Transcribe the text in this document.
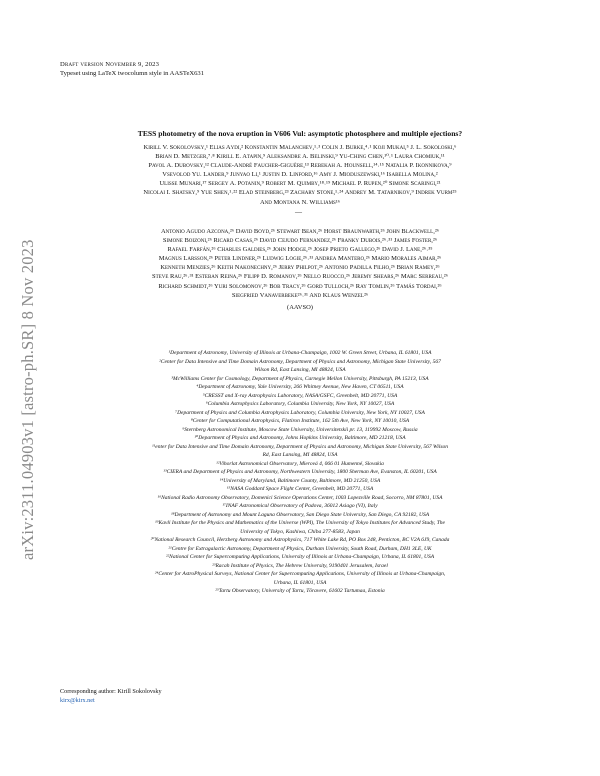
arXiv:2311.04903v1 [astro-ph.SR] 8 Nov 2023
Draft version November 9, 2023
Typeset using LaTeX twocolumn style in AASTeX631
TESS photometry of the nova eruption in V606 Vul: asymptotic photosphere and multiple ejections?
Kirill V. Sokolovsky,¹ Elias Aydi,² Konstantin Malanchev,¹˒³ Colin J. Burke,⁴˒¹ Koji Mukai,⁵ J. L. Sokoloski,⁶
Brian D. Metzger,⁷˒⁸ Kirill E. Atapin,⁹ Aleksandre A. Belinski,⁹ Yu-Ching Chen,¹⁰˒¹ Laura Chomiuk,¹¹
Pavol A. Dubovsky,¹² Claude-André Faucher-Giguère,¹³ Rebekah A. Hounsell,¹⁴˒¹⁵ Natalia P. Ikonnikova,⁹
Vsevolod Yu. Lander,⁹ Junyao Li,¹ Justin D. Linford,¹⁶ Amy J. Mioduszewski,¹⁶ Isabella Molina,²
Ulisse Munari,¹⁷ Sergey A. Potanin,⁹ Robert M. Quimby,¹⁸˒¹⁹ Michael P. Rupen,²⁰ Simone Scaringi,²¹
Nicolai I. Shatsky,⁹ Yue Shen,¹˒²² Elad Steinberg,²³ Zachary Stone,¹˒²⁴ Andrey M. Tatarnikov,⁹ Indrek Vurm²⁵
And Montana N. Williams¹⁶
—
Antonio Agudo Azcona,²⁶ David Boyd,²⁶ Stewart Bean,²⁶ Horst Braunwarth,²⁶ John Blackwell,²⁶
Simone Boizoni,²⁶ Ricard Casas,²⁶ David Cejudo Fernandez,²⁶ Franky Dubois,²⁶˒³¹ James Foster,²⁶
Rafael Farfán,²⁶ Charles Galdies,²⁶ John Hodge,²⁶ Josep Prieto Gallego,²⁶ David J. Lane,²⁶˒³⁵
Magnus Larsson,²⁶ Peter Lindner,²⁶ Ludwig Logie,²⁶˒³¹ Andrea Mantero,²⁶ Mario Morales Aimar,²⁶
Kenneth Menzies,²⁶ Keith Nakonechny,²⁶ Jerry Philpot,²⁶ Antonio Padilla Filho,²⁶ Brian Ramey,²⁶
Steve Rau,²⁶˒³¹ Esteban Reina,²⁶ Filipp D. Romanov,²⁶ Nello Ruocco,²⁶ Jeremy Shears,²⁶ Marc Serreau,²⁶
Richard Schmidt,²⁶ Yuri Solomonov,²⁶ Bob Tracy,²⁶ Gord Tulloch,²⁶ Ray Tomlin,²⁶ Tamás Tordai,²⁶
Siegfried Vanaverbeke²⁶˒³¹ And Klaus Wenzel²⁶
(AAVSO)
¹Department of Astronomy, University of Illinois at Urbana-Champaign, 1002 W. Green Street, Urbana, IL 61801, USA
²Center for Data Intensive and Time Domain Astronomy, Department of Physics and Astronomy, Michigan State University, 567
Wilson Rd, East Lansing, MI 48824, USA
³McWilliams Center for Cosmology, Department of Physics, Carnegie Mellon University, Pittsburgh, PA 15213, USA
⁴Department of Astronomy, Yale University, 266 Whitney Avenue, New Haven, CT 06511, USA
⁵CRESST and X-ray Astrophysics Laboratory, NASA/GSFC, Greenbelt, MD 20771, USA
⁶Columbia Astrophysics Laboratory, Columbia University, New York, NY 10027, USA
⁷Department of Physics and Columbia Astrophysics Laboratory, Columbia University, New York, NY 10027, USA
⁸Center for Computational Astrophysics, Flatiron Institute, 162 5th Ave, New York, NY 10010, USA
⁹Sternberg Astronomical Institute, Moscow State University, Universitetskii pr. 13, 119992 Moscow, Russia
¹⁰Department of Physics and Astronomy, Johns Hopkins University, Baltimore, MD 21218, USA
¹¹enter for Data Intensive and Time Domain Astronomy, Department of Physics and Astronomy, Michigan State University, 567 Wilson
Rd, East Lansing, MI 48824, USA
¹²Vihorlat Astronomical Observatory, Mierová 4, 066 01 Humenné, Slovakia
¹³CIERA and Department of Physics and Astronomy, Northwestern University, 1800 Sherman Ave, Evanston, IL 60201, USA
¹⁴University of Maryland, Baltimore County, Baltimore, MD 21250, USA
¹⁵NASA Goddard Space Flight Center, Greenbelt, MD 20771, USA
¹⁶National Radio Astronomy Observatory, Domenici Science Operations Center, 1003 Lopezville Road, Socorro, NM 87801, USA
¹⁷INAF Astronomical Observatory of Padova, 36012 Asiago (VI), Italy
¹⁸Department of Astronomy and Mount Laguna Observatory, San Diego State University, San Diego, CA 92182, USA
¹⁹Kavli Institute for the Physics and Mathematics of the Universe (WPI), The University of Tokyo Institutes for Advanced Study, The
University of Tokyo, Kashiwa, Chiba 277-8583, Japan
²⁰National Research Council, Herzberg Astronomy and Astrophysics, 717 White Lake Rd, PO Box 248, Penticton, BC V2A 6J9, Canada
²¹Centre for Extragalactic Astronomy, Department of Physics, Durham University, South Road, Durham, DH1 3LE, UK
²²National Center for Supercomputing Applications, University of Illinois at Urbana-Champaign, Urbana, IL 61801, USA
²³Racah Institute of Physics, The Hebrew University, 9190401 Jerusalem, Israel
²⁴Center for AstroPhysical Surveys, National Center for Supercomputing Applications, University of Illinois at Urbana-Champaign,
Urbana, IL 61801, USA
²⁵Tartu Observatory, University of Tartu, Tõravere, 61602 Tartumaa, Estonia
Corresponding author: Kirill Sokolovsky
kirx@kirx.net
